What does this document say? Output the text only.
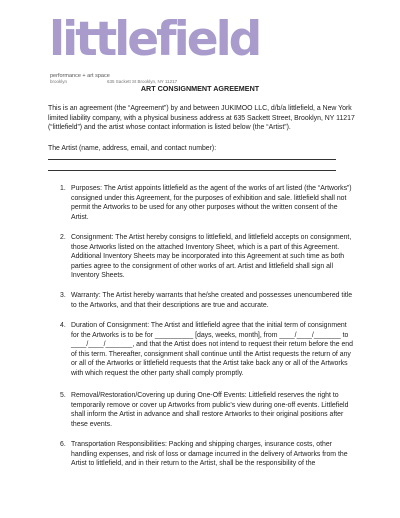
littlefield
performance + art space
brooklyn	635 Sackett St Brooklyn, NY 11217
ART CONSIGNMENT AGREEMENT
This is an agreement (the “Agreement”) by and between JUKIMOO LLC, d/b/a littlefield, a New York limited liability company, with a physical business address at 635 Sackett Street, Brooklyn, NY 11217 (“littlefield”) and the artist whose contact information is listed below (the “Artist”).
The Artist (name, address, email, and contact number):
1. Purposes: The Artist appoints littlefield as the agent of the works of art listed (the “Artworks”) consigned under this Agreement, for the purposes of exhibition and sale. littlefield shall not permit the Artworks to be used for any other purposes without the written consent of the Artist.
2. Consignment: The Artist hereby consigns to littlefield, and littlefield accepts on consignment, those Artworks listed on the attached Inventory Sheet, which is a part of this Agreement. Additional Inventory Sheets may be incorporated into this Agreement at such time as both parties agree to the consignment of other works of art. Artist and littlefield shall sign all Inventory Sheets.
3. Warranty: The Artist hereby warrants that he/she created and possesses unencumbered title to the Artworks, and that their descriptions are true and accurate.
4. Duration of Consignment: The Artist and littlefield agree that the initial term of consignment for the Artworks is to be for __________ [days, weeks, month], from ____/____/_______ to ____/____/_______, and that the Artist does not intend to request their return before the end of this term. Thereafter, consignment shall continue until the Artist requests the return of any or all of the Artworks or littlefield requests that the Artist take back any or all of the Artworks with which request the other party shall comply promptly.
5. Removal/Restoration/Covering up during One-Off Events: Littlefield reserves the right to temporarily remove or cover up Artworks from public’s view during one-off events. Littlefield shall inform the Artist in advance and shall restore Artworks to their original positions after these events.
6. Transportation Responsibilities: Packing and shipping charges, insurance costs, other handling expenses, and risk of loss or damage incurred in the delivery of Artworks from the Artist to littlefield, and in their return to the Artist, shall be the responsibility of the
